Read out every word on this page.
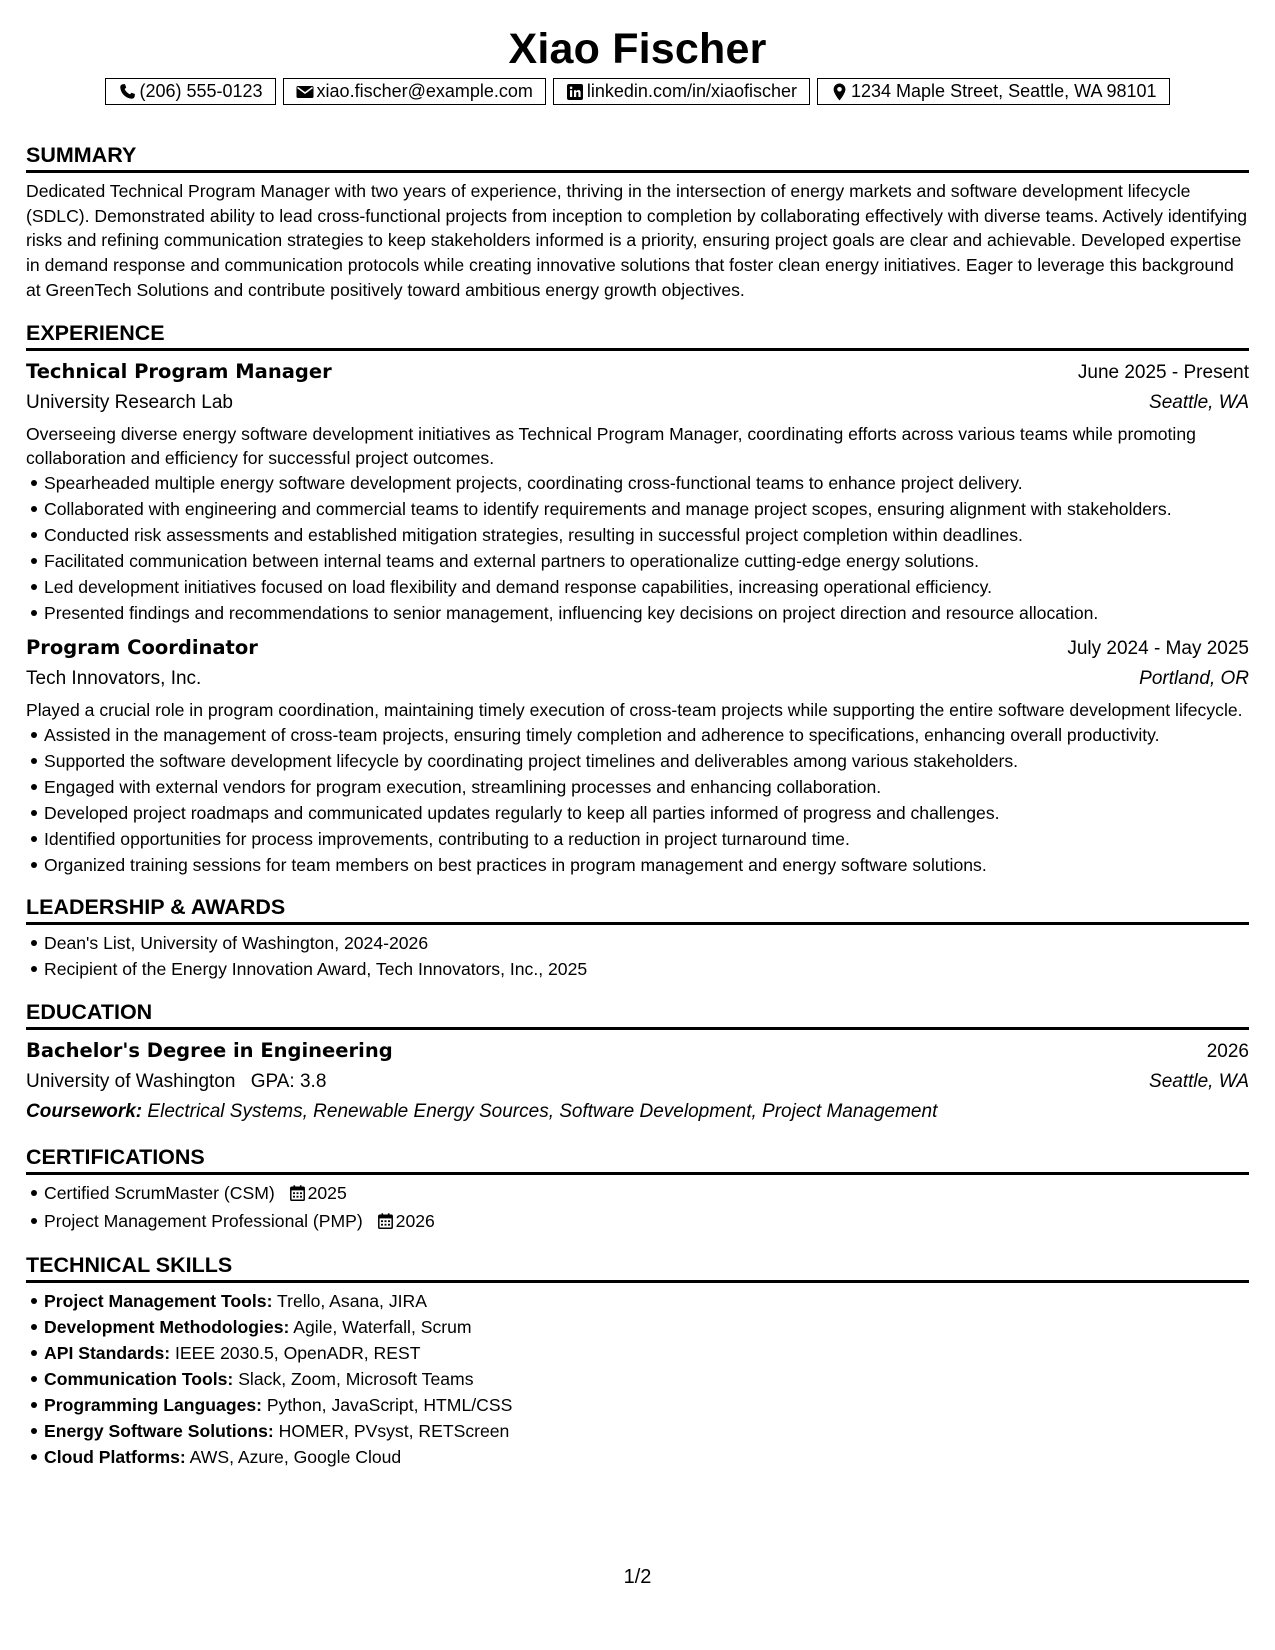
Xiao Fischer
(206) 555-0123	xiao.fischer@example.com	linkedin.com/in/xiaofischer	1234 Maple Street, Seattle, WA 98101
SUMMARY
Dedicated Technical Program Manager with two years of experience, thriving in the intersection of energy markets and software development lifecycle (SDLC). Demonstrated ability to lead cross-functional projects from inception to completion by collaborating effectively with diverse teams. Actively identifying risks and refining communication strategies to keep stakeholders informed is a priority, ensuring project goals are clear and achievable. Developed expertise in demand response and communication protocols while creating innovative solutions that foster clean energy initiatives. Eager to leverage this background at GreenTech Solutions and contribute positively toward ambitious energy growth objectives.
EXPERIENCE
Technical Program Manager	June 2025 - Present
University Research Lab	Seattle, WA
Overseeing diverse energy software development initiatives as Technical Program Manager, coordinating efforts across various teams while promoting collaboration and efficiency for successful project outcomes.
Spearheaded multiple energy software development projects, coordinating cross-functional teams to enhance project delivery.
Collaborated with engineering and commercial teams to identify requirements and manage project scopes, ensuring alignment with stakeholders.
Conducted risk assessments and established mitigation strategies, resulting in successful project completion within deadlines.
Facilitated communication between internal teams and external partners to operationalize cutting-edge energy solutions.
Led development initiatives focused on load flexibility and demand response capabilities, increasing operational efficiency.
Presented findings and recommendations to senior management, influencing key decisions on project direction and resource allocation.
Program Coordinator	July 2024 - May 2025
Tech Innovators, Inc.	Portland, OR
Played a crucial role in program coordination, maintaining timely execution of cross-team projects while supporting the entire software development lifecycle.
Assisted in the management of cross-team projects, ensuring timely completion and adherence to specifications, enhancing overall productivity.
Supported the software development lifecycle by coordinating project timelines and deliverables among various stakeholders.
Engaged with external vendors for program execution, streamlining processes and enhancing collaboration.
Developed project roadmaps and communicated updates regularly to keep all parties informed of progress and challenges.
Identified opportunities for process improvements, contributing to a reduction in project turnaround time.
Organized training sessions for team members on best practices in program management and energy software solutions.
LEADERSHIP & AWARDS
Dean's List, University of Washington, 2024-2026
Recipient of the Energy Innovation Award, Tech Innovators, Inc., 2025
EDUCATION
Bachelor's Degree in Engineering	2026
University of Washington GPA: 3.8	Seattle, WA
Coursework: Electrical Systems, Renewable Energy Sources, Software Development, Project Management
CERTIFICATIONS
Certified ScrumMaster (CSM) 2025
Project Management Professional (PMP) 2026
TECHNICAL SKILLS
Project Management Tools: Trello, Asana, JIRA
Development Methodologies: Agile, Waterfall, Scrum
API Standards: IEEE 2030.5, OpenADR, REST
Communication Tools: Slack, Zoom, Microsoft Teams
Programming Languages: Python, JavaScript, HTML/CSS
Energy Software Solutions: HOMER, PVsyst, RETScreen
Cloud Platforms: AWS, Azure, Google Cloud
1/2
